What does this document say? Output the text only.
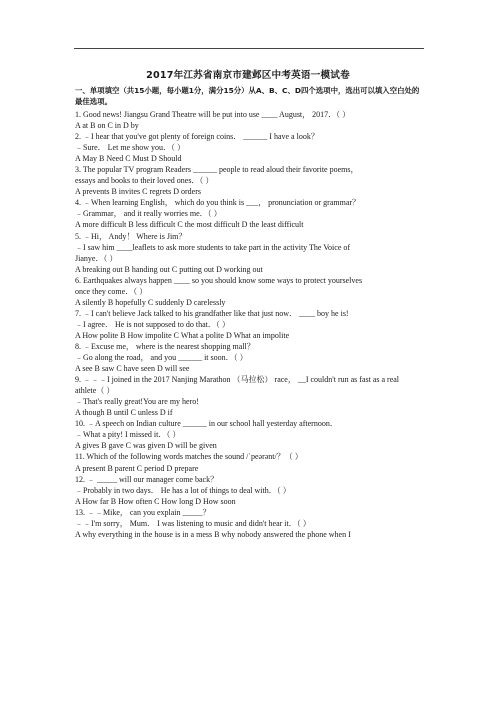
2017年江苏省南京市建邺区中考英语一模试卷
一、单项填空（共15小题，每小题1分，满分15分）从A、B、C、D四个选项中，选出可以填入空白处的最佳选项。
1. Good news! Jiangsu Grand Theatre will be put into use ____ August， 2017．（ ）
A at B on C in D by
2. ﹣I hear that you've got plenty of foreign coins． ______ I have a look？
﹣Sure． Let me show you．（ ）
A May B Need C Must D Should
3. The popular TV program Readers ______ people to read aloud their favorite poems，
essays and books to their loved ones．（ ）
A prevents B invites C regrets D orders
4. ﹣When learning English， which do you think is ___， pronunciation or grammar？
﹣Grammar， and it really worries me．（ ）
A more difficult B less difficult C the most difficult D the least difficult
5. ﹣Hi， Andy！ Where is Jim？
﹣I saw him ____leaflets to ask more students to take part in the activity The Voice of
Jianye．（ ）
A breaking out B handing out C putting out D working out
6. Earthquakes always happen ____ so you should know some ways to protect yourselves
once they come．（ ）
A silently B hopefully C suddenly D carelessly
7. ﹣I can't believe Jack talked to his grandfather like that just now． ____ boy he is!
﹣I agree． He is not supposed to do that．（ ）
A How polite B How impolite C What a polite D What an impolite
8. ﹣Excuse me， where is the nearest shopping mall？
﹣Go along the road， and you ______ it soon．（ ）
A see B saw C have seen D will see
9. ﹣﹣﹣I joined in the 2017 Nanjing Marathon （马拉松） race， __I couldn't run as fast as a real
athlete（ ）
﹣That's really great!You are my hero!
A though B until C unless D if
10. ﹣A speech on Indian culture ______ in our school hall yesterday afternoon．
﹣What a pity! I missed it．（ ）
A gives B gave C was given D will be given
11. Which of the following words matches the sound /ˈpeərənt/？（ ）
A present B parent C period D prepare
12. ﹣ _____ will our manager come back？
﹣Probably in two days． He has a lot of things to deal with．（ ）
A How far B How often C How long D How soon
13. ﹣﹣Mike， can you explain _____？
﹣﹣I'm sorry， Mum． I was listening to music and didn't hear it．（ ）
A why everything in the house is in a mess B why nobody answered the phone when I
